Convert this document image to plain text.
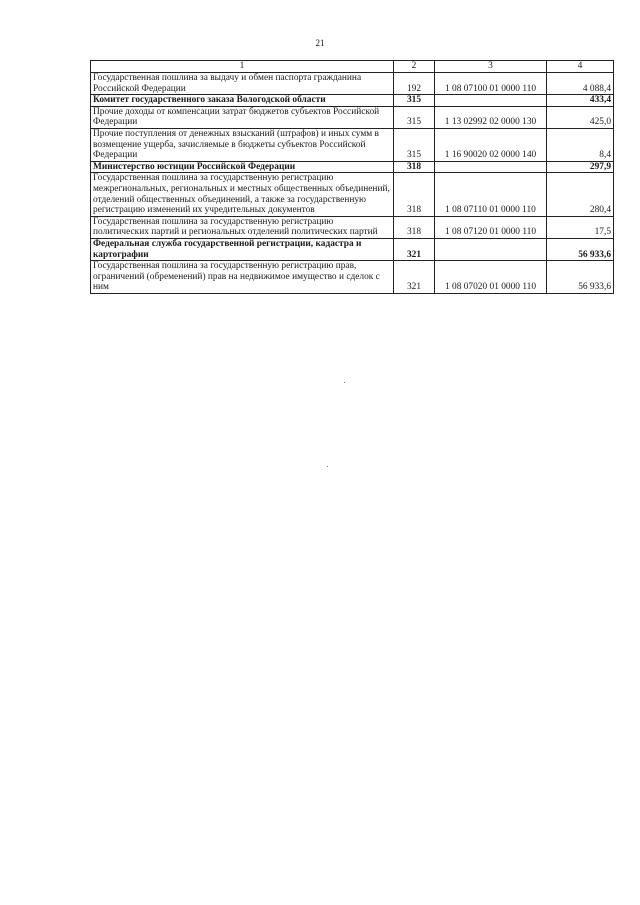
21
1	2	3	4
Государственная пошлина за выдачу и обмен паспорта гражданина Российской Федерации	192	1 08 07100 01 0000 110	4 088,4
Комитет государственного заказа Вологодской области	315		433,4
Прочие доходы от компенсации затрат бюджетов субъектов Российской Федерации	315	1 13 02992 02 0000 130	425,0
Прочие поступления от денежных взысканий (штрафов) и иных сумм в возмещение ущерба, зачисляемые в бюджеты субъектов Российской Федерации	315	1 16 90020 02 0000 140	8,4
Министерство юстиции Российской Федерации	318		297,9
Государственная пошлина за государственную регистрацию межрегиональных, региональных и местных общественных объединений, отделений общественных объединений, а также за государственную регистрацию изменений их учредительных документов	318	1 08 07110 01 0000 110	280,4
Государственная пошлина за государственную регистрацию политических партий и региональных отделений политических партий	318	1 08 07120 01 0000 110	17,5
Федеральная служба государственной регистрации, кадастра и картографии	321		56 933,6
Государственная пошлина за государственную регистрацию прав, ограничений (обременений) прав на недвижимое имущество и сделок с ним	321	1 08 07020 01 0000 110	56 933,6
